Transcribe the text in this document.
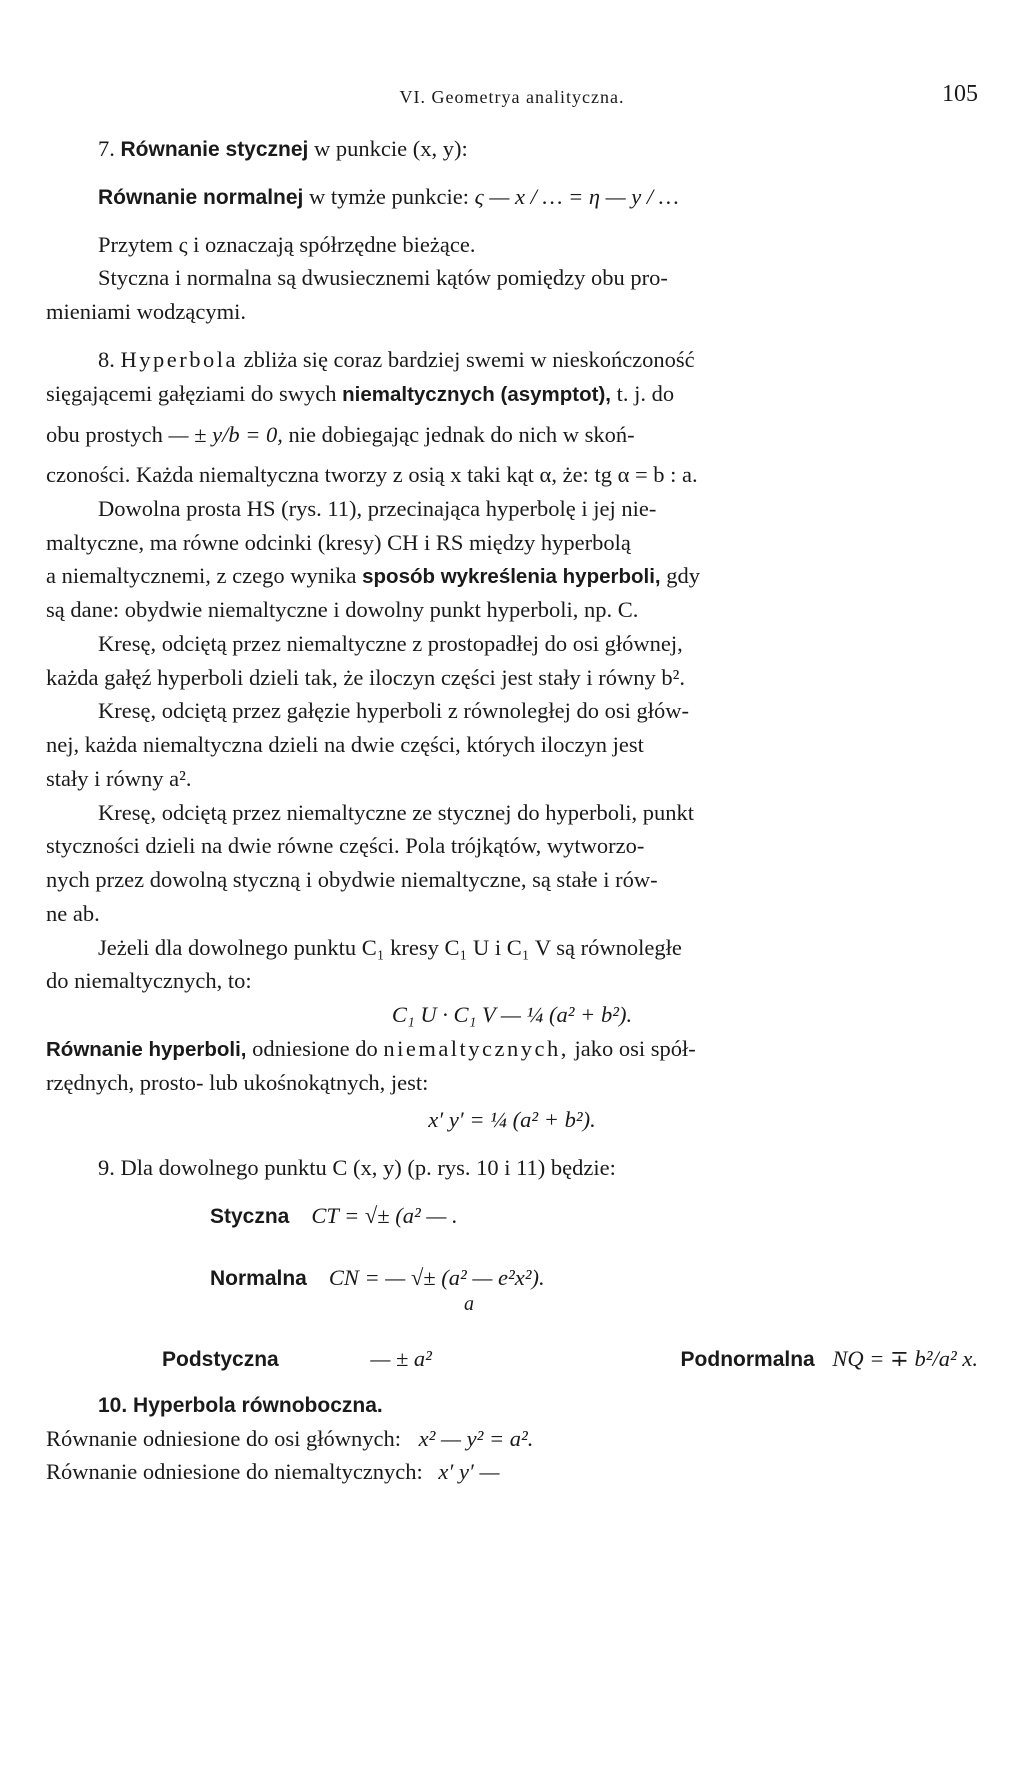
VI. Geometrya analityczna.	105

7. Równanie stycznej w punkcie (x, y):

Równanie normalnej w tymże punkcie: ς — x / … = η — y / …

Przytem ς i oznaczają spółrzędne bieżące.

Styczna i normalna są dwusiecznemi kątów pomiędzy obu pro-

mieniami wodzącymi.

8. Hyperbola zbliża się coraz bardziej swemi w nieskończoność

sięgającemi gałęziami do swych niemaltycznych (asymptot), t. j. do

obu prostych — ± y/b = 0, nie dobiegając jednak do nich w skoń-

czoności. Każda niemaltyczna tworzy z osią x taki kąt α, że: tg α = b : a.

Dowolna prosta HS (rys. 11), przecinająca hyperbolę i jej nie-

maltyczne, ma równe odcinki (kresy) CH i RS między hyperbolą

a niemaltycznemi, z czego wynika sposób wykreślenia hyperboli, gdy

są dane: obydwie niemaltyczne i dowolny punkt hyperboli, np. C.

Kresę, odciętą przez niemaltyczne z prostopadłej do osi głównej,

każda gałęź hyperboli dzieli tak, że iloczyn części jest stały i równy b².

Kresę, odciętą przez gałęzie hyperboli z równoległej do osi głów-

nej, każda niemaltyczna dzieli na dwie części, których iloczyn jest

stały i równy a².

Kresę, odciętą przez niemaltyczne ze stycznej do hyperboli, punkt

styczności dzieli na dwie równe części. Pola trójkątów, wytworzo-

nych przez dowolną styczną i obydwie niemaltyczne, są stałe i rów-

ne ab.

Jeżeli dla dowolnego punktu C₁ kresy C₁ U i C₁ V są równoległe

do niemaltycznych, to:

C₁ U · C₁ V — ¼ (a² + b²).

Równanie hyperboli, odniesione do niemaltycznych, jako osi spół-

rzędnych, prosto- lub ukośnokątnych, jest:

x′ y′ = ¼ (a² + b²).

9. Dla dowolnego punktu C (x, y) (p. rys. 10 i 11) będzie:

Styczna CT = √± (a² — .
Normalna CN = — √± (a² — e²x²).
a
Podstyczna	— ± a²	Podnormalna NQ = ∓ b²/a² x.

10. Hyperbola równoboczna.

Równanie odniesione do osi głównych: x² — y² = a².

Równanie odniesione do niemaltycznych: x′ y′ —
